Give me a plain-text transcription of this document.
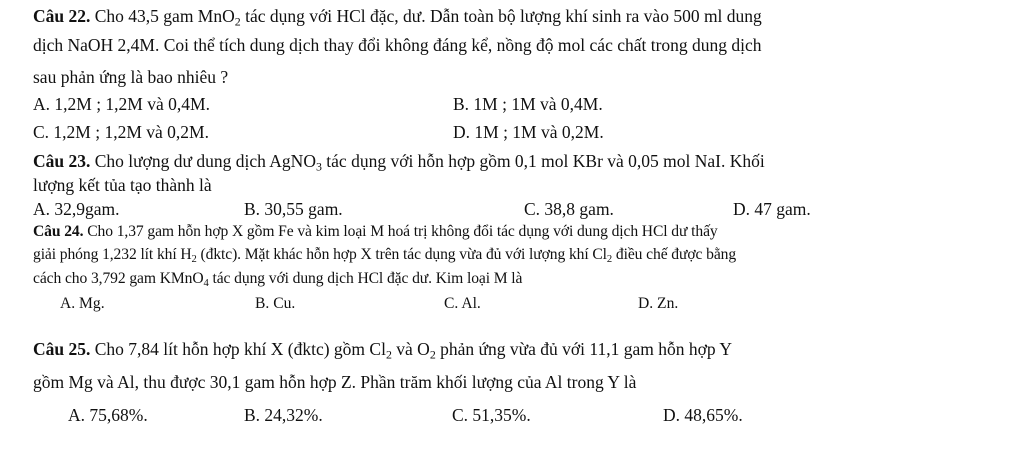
Câu 22. Cho 43,5 gam MnO$_2$ tác dụng với HCl đặc, dư. Dẫn toàn bộ lượng khí sinh ra vào 500 ml dung
dịch NaOH 2,4M. Coi thể tích dung dịch thay đổi không đáng kể, nồng độ mol các chất trong dung dịch
sau phản ứng là bao nhiêu ?
A. 1,2M ; 1,2M và 0,4M.	B. 1M ; 1M và 0,4M.
C. 1,2M ; 1,2M và 0,2M.	D. 1M ; 1M và 0,2M.
Câu 23. Cho lượng dư dung dịch AgNO$_3$ tác dụng với hỗn hợp gồm 0,1 mol KBr và 0,05 mol NaI. Khối
lượng kết tủa tạo thành là
A. 32,9gam.	B. 30,55 gam.	C. 38,8 gam.	D. 47 gam.
Câu 24. Cho 1,37 gam hỗn hợp X gồm Fe và kim loại M hoá trị không đổi tác dụng với dung dịch HCl dư thấy
giải phóng 1,232 lít khí $H_2$ (đktc). Mặt khác hỗn hợp X trên tác dụng vừa đủ với lượng khí $Cl_2$ điều chế được bằng
cách cho 3,792 gam KMnO$_4$ tác dụng với dung dịch HCl đặc dư. Kim loại M là
A. Mg.	B. Cu.	C. Al.	D. Zn.
Câu 25. Cho 7,84 lít hỗn hợp khí X (đktc) gồm $Cl_2$ và $O_2$ phản ứng vừa đủ với 11,1 gam hỗn hợp Y
gồm Mg và Al, thu được 30,1 gam hỗn hợp Z. Phần trăm khối lượng của Al trong Y là
A. 75,68%.	B. 24,32%.	C. 51,35%.	D. 48,65%.
